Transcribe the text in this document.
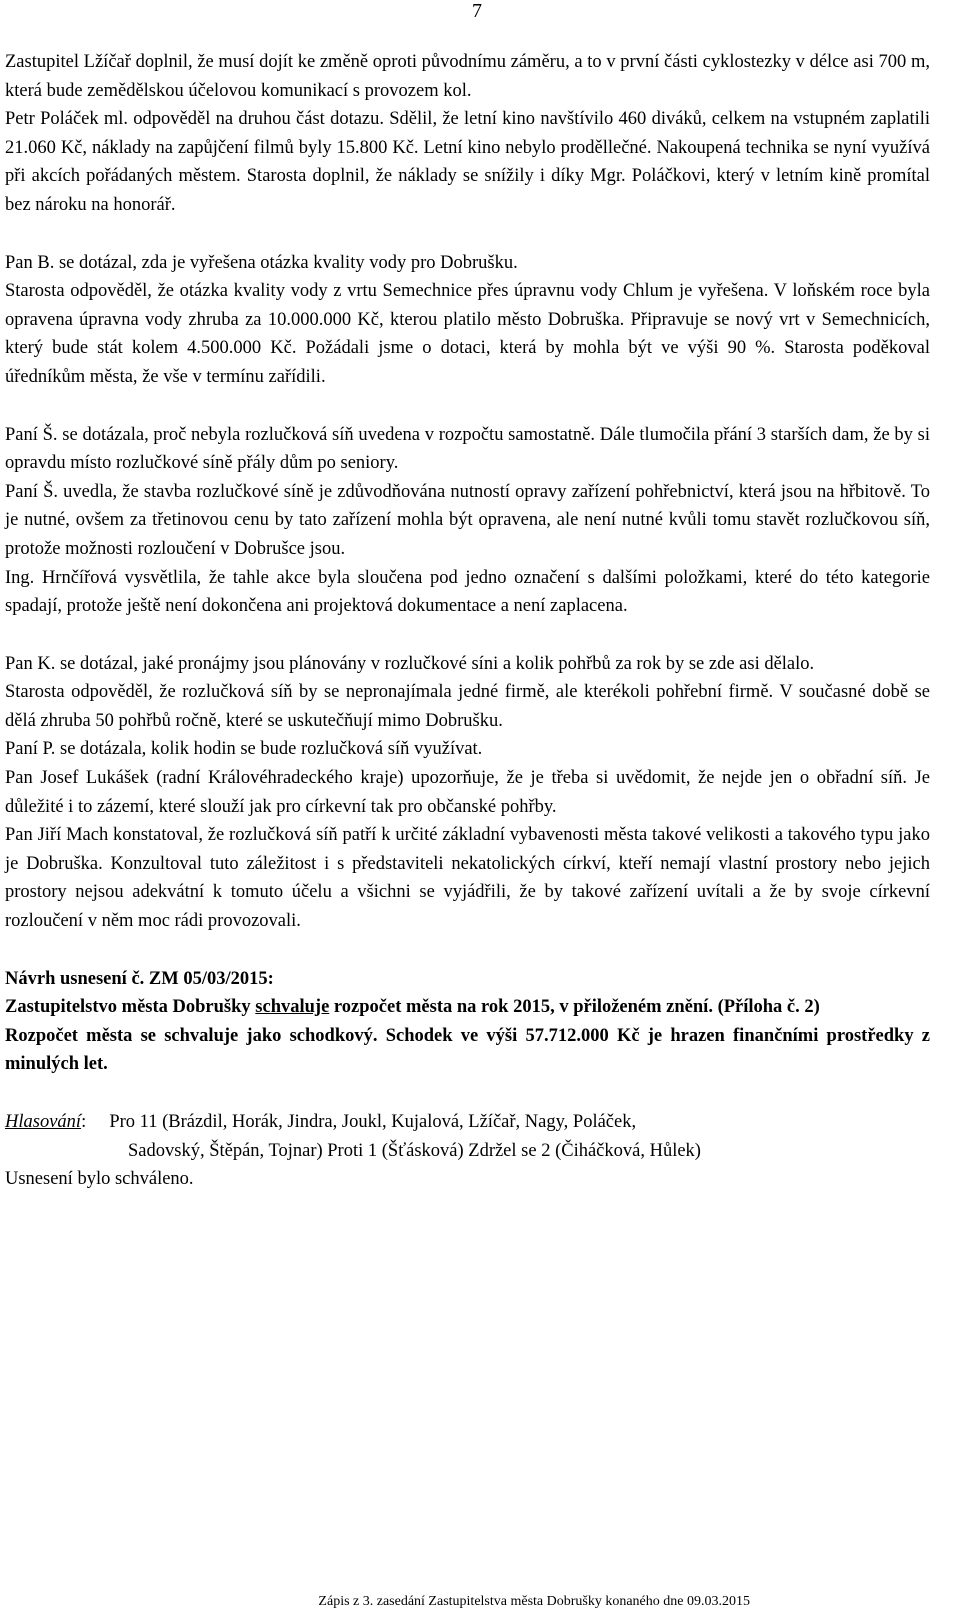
7

Zastupitel Lžíčař doplnil, že musí dojít ke změně oproti původnímu záměru, a to v první části cyklostezky v délce asi 700 m, která bude zemědělskou účelovou komunikací s provozem kol.

Petr Poláček ml. odpověděl na druhou část dotazu. Sdělil, že letní kino navštívilo 460 diváků, celkem na vstupném zaplatili 21.060 Kč, náklady na zapůjčení filmů byly 15.800 Kč. Letní kino nebylo proděllečné. Nakoupená technika se nyní využívá při akcích pořádaných městem. Starosta doplnil, že náklady se snížily i díky Mgr. Poláčkovi, který v letním kině promítal bez nároku na honorář.

Pan B. se dotázal, zda je vyřešena otázka kvality vody pro Dobrušku.

Starosta odpověděl, že otázka kvality vody z vrtu Semechnice přes úpravnu vody Chlum je vyřešena. V loňském roce byla opravena úpravna vody zhruba za 10.000.000 Kč, kterou platilo město Dobruška. Připravuje se nový vrt v Semechnicích, který bude stát kolem 4.500.000 Kč. Požádali jsme o dotaci, která by mohla být ve výši 90 %. Starosta poděkoval úředníkům města, že vše v termínu zařídili.

Paní Š. se dotázala, proč nebyla rozlučková síň uvedena v rozpočtu samostatně. Dále tlumočila přání 3 starších dam, že by si opravdu místo rozlučkové síně přály dům po seniory.

Paní Š. uvedla, že stavba rozlučkové síně je zdůvodňována nutností opravy zařízení pohřebnictví, která jsou na hřbitově. To je nutné, ovšem za třetinovou cenu by tato zařízení mohla být opravena, ale není nutné kvůli tomu stavět rozlučkovou síň, protože možnosti rozloučení v Dobrušce jsou.

Ing. Hrnčířová vysvětlila, že tahle akce byla sloučena pod jedno označení s dalšími položkami, které do této kategorie spadají, protože ještě není dokončena ani projektová dokumentace a není zaplacena.

Pan K. se dotázal, jaké pronájmy jsou plánovány v rozlučkové síni a kolik pohřbů za rok by se zde asi dělalo.

Starosta odpověděl, že rozlučková síň by se nepronajímala jedné firmě, ale kterékoli pohřební firmě. V současné době se dělá zhruba 50 pohřbů ročně, které se uskutečňují mimo Dobrušku.

Paní P. se dotázala, kolik hodin se bude rozlučková síň využívat.

Pan Josef Lukášek (radní Královéhradeckého kraje) upozorňuje, že je třeba si uvědomit, že nejde jen o obřadní síň. Je důležité i to zázemí, které slouží jak pro církevní tak pro občanské pohřby.

Pan Jiří Mach konstatoval, že rozlučková síň patří k určité základní vybavenosti města takové velikosti a takového typu jako je Dobruška. Konzultoval tuto záležitost i s představiteli nekatolických církví, kteří nemají vlastní prostory nebo jejich prostory nejsou adekvátní k tomuto účelu a všichni se vyjádřili, že by takové zařízení uvítali a že by svoje církevní rozloučení v něm moc rádi provozovali.

Návrh usnesení č. ZM 05/03/2015:

Zastupitelstvo města Dobrušky schvaluje rozpočet města na rok 2015, v přiloženém znění. (Příloha č. 2)

Rozpočet města se schvaluje jako schodkový. Schodek ve výši 57.712.000 Kč je hrazen finančními prostředky z minulých let.

Hlasování: Pro 11 (Brázdil, Horák, Jindra, Joukl, Kujalová, Lžíčař, Nagy, Poláček,

Sadovský, Štěpán, Tojnar) Proti 1 (Šťásková) Zdržel se 2 (Čiháčková, Hůlek)

Usnesení bylo schváleno.

Zápis z 3. zasedání Zastupitelstva města Dobrušky konaného dne 09.03.2015
